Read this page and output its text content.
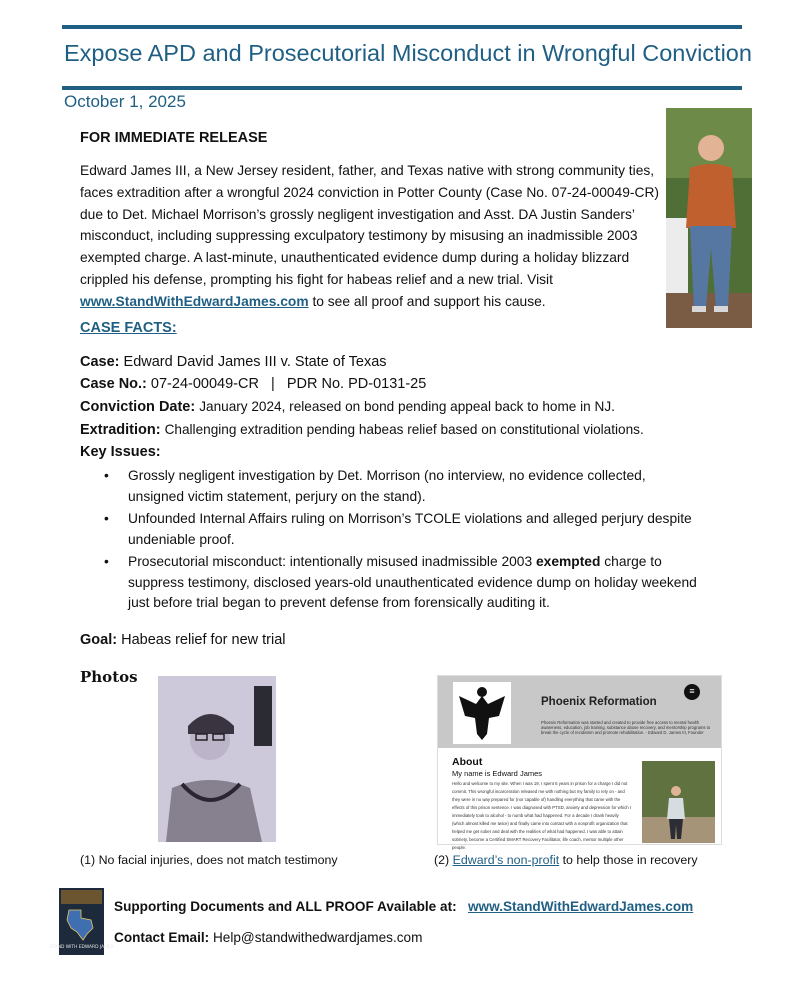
Expose APD and Prosecutorial Misconduct in Wrongful Conviction
October 1, 2025
FOR IMMEDIATE RELEASE
Edward James III, a New Jersey resident, father, and Texas native with strong community ties, faces extradition after a wrongful 2024 conviction in Potter County (Case No. 07-24-00049-CR) due to Det. Michael Morrison’s grossly negligent investigation and Asst. DA Justin Sanders’ misconduct, including suppressing exculpatory testimony by misusing an inadmissible 2003 exempted charge. A last-minute, unauthenticated evidence dump during a holiday blizzard crippled his defense, prompting his fight for habeas relief and a new trial. Visit www.StandWithEdwardJames.com to see all proof and support his cause.
CASE FACTS:
Case: Edward David James III v. State of Texas
Case No.: 07-24-00049-CR   |   PDR No. PD-0131-25
Conviction Date: January 2024, released on bond pending appeal back to home in NJ.
Extradition: Challenging extradition pending habeas relief based on constitutional violations.
Key Issues:
• Grossly negligent investigation by Det. Morrison (no interview, no evidence collected, unsigned victim statement, perjury on the stand).
• Unfounded Internal Affairs ruling on Morrison’s TCOLE violations and alleged perjury despite undeniable proof.
• Prosecutorial misconduct: intentionally misused inadmissible 2003 exempted charge to suppress testimony, disclosed years-old unauthenticated evidence dump on holiday weekend just before trial began to prevent defense from forensically auditing it.
Goal: Habeas relief for new trial
Photos
Phoenix Reformation
≡
Phoenix Reformation was started and created to provide free access to mental health awareness, education, job training, substance abuse recovery, and mentorship programs to break the cycle of recidivism and promote rehabilitation. - Edward D. James III, Founder
About
My name is Edward James
Hello and welcome to my site. When I was 19, I spent 6 years in prison for a charge I did not commit. This wrongful incarceration released me with nothing but my family to rely on - and they were in no way prepared for (nor capable of) handling everything that came with the effects of this prison sentence. I was diagnosed with PTSD, anxiety and depression for which I immediately took to alcohol - to numb what had happened. For a decade I drank heavily (which almost killed me twice) and finally came into contact with a nonprofit organization that helped me get sober and deal with the realities of what had happened. I was able to attain sobriety, become a Certified SMART Recovery Facilitator, life coach, mentor multiple other people.
(1) No facial injuries, does not match testimony	(2) Edward’s non-profit to help those in recovery
STAND WITH EDWARD JAMES
Supporting Documents and ALL PROOF Available at: www.StandWithEdwardJames.com
Contact Email: Help@standwithedwardjames.com
